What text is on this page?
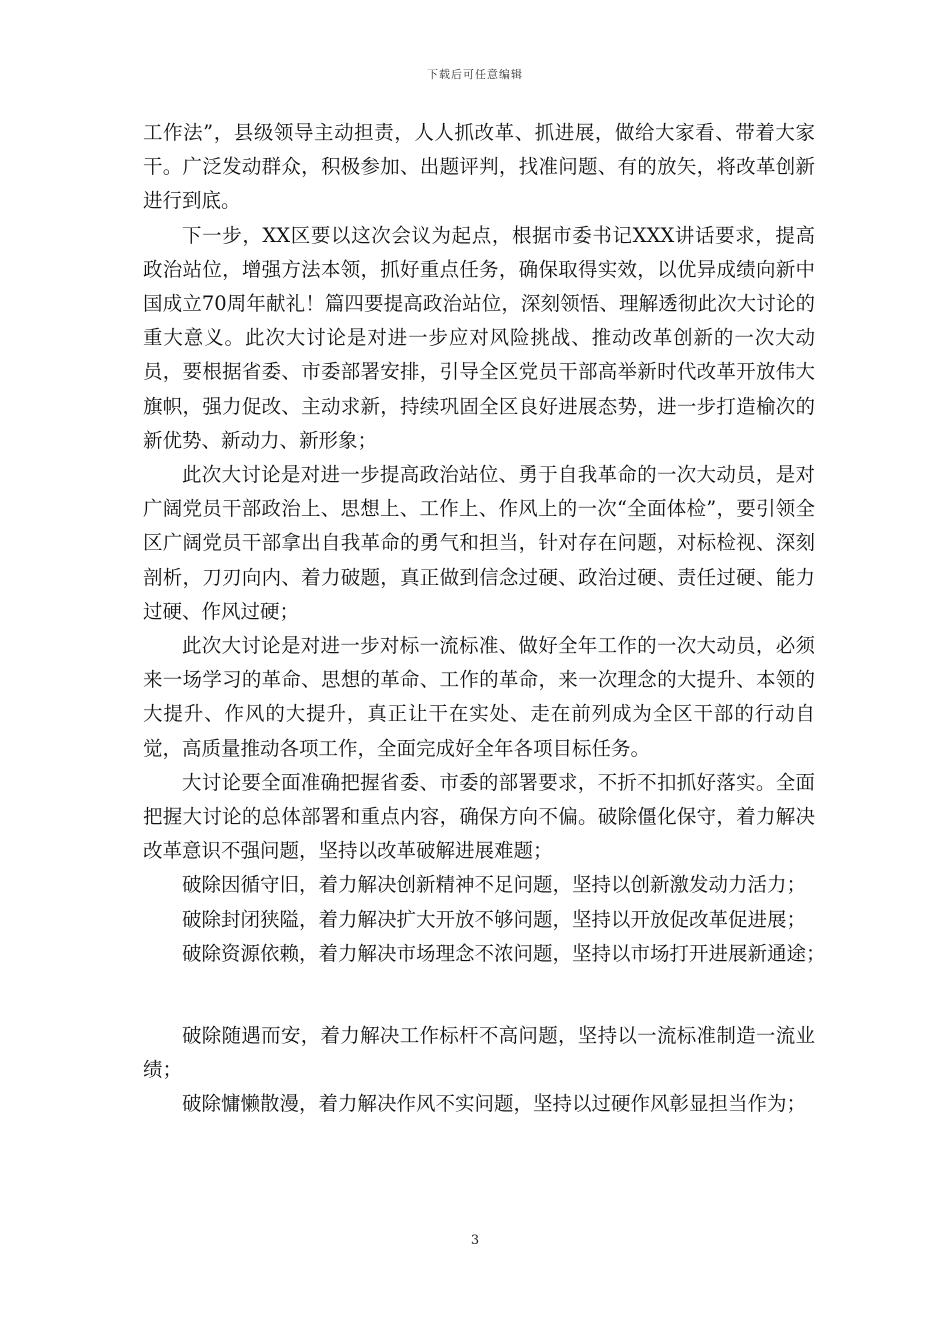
下载后可任意编辑

工作法”，县级领导主动担责，人人抓改革、抓进展，做给大家看、带着大家干。广泛发动群众，积极参加、出题评判，找准问题、有的放矢，将改革创新进行到底。

下一步，XX区要以这次会议为起点，根据市委书记XXX讲话要求，提高政治站位，增强方法本领，抓好重点任务，确保取得实效，以优异成绩向新中国成立70周年献礼！篇四要提高政治站位，深刻领悟、理解透彻此次大讨论的重大意义。此次大讨论是对进一步应对风险挑战、推动改革创新的一次大动员，要根据省委、市委部署安排，引导全区党员干部高举新时代改革开放伟大旗帜，强力促改、主动求新，持续巩固全区良好进展态势，进一步打造榆次的新优势、新动力、新形象；

此次大讨论是对进一步提高政治站位、勇于自我革命的一次大动员，是对广阔党员干部政治上、思想上、工作上、作风上的一次“全面体检”，要引领全区广阔党员干部拿出自我革命的勇气和担当，针对存在问题，对标检视、深刻剖析，刀刃向内、着力破题，真正做到信念过硬、政治过硬、责任过硬、能力过硬、作风过硬；

此次大讨论是对进一步对标一流标准、做好全年工作的一次大动员，必须来一场学习的革命、思想的革命、工作的革命，来一次理念的大提升、本领的大提升、作风的大提升，真正让干在实处、走在前列成为全区干部的行动自觉，高质量推动各项工作，全面完成好全年各项目标任务。

大讨论要全面准确把握省委、市委的部署要求，不折不扣抓好落实。全面把握大讨论的总体部署和重点内容，确保方向不偏。破除僵化保守，着力解决改革意识不强问题，坚持以改革破解进展难题；

破除因循守旧，着力解决创新精神不足问题，坚持以创新激发动力活力；

破除封闭狭隘，着力解决扩大开放不够问题，坚持以开放促改革促进展；

破除资源依赖，着力解决市场理念不浓问题，坚持以市场打开进展新通途；

破除随遇而安，着力解决工作标杆不高问题，坚持以一流标准制造一流业绩；

破除慵懒散漫，着力解决作风不实问题，坚持以过硬作风彰显担当作为；

3
